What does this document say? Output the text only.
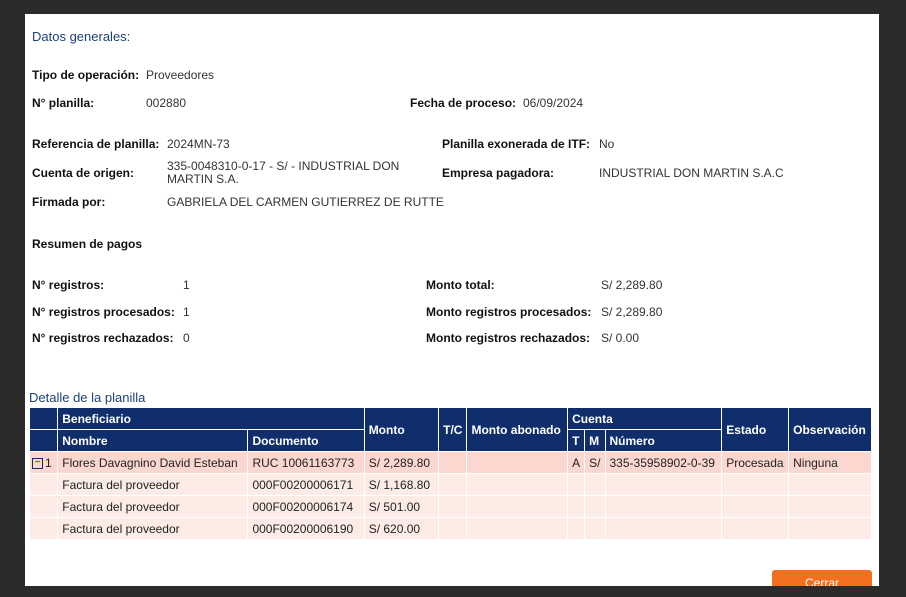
Datos generales:
Tipo de operación: Proveedores
N° planilla:	002880	Fecha de proceso: 06/09/2024
Referencia de planilla: 2024MN-73	Planilla exonerada de ITF: No
Cuenta de origen:	335-0048310-0-17 - S/ - INDUSTRIAL DON MARTIN S.A.	Empresa pagadora:	INDUSTRIAL DON MARTIN S.A.C
Firmada por:	GABRIELA DEL CARMEN GUTIERREZ DE RUTTE
Resumen de pagos
N° registros:	1	Monto total:	S/ 2,289.80
N° registros procesados: 1	Monto registros procesados: S/ 2,289.80
N° registros rechazados: 0	Monto registros rechazados: S/ 0.00
Detalle de la planilla
	Beneficiario		Monto	T/C	Monto abonado	Cuenta			Estado	Observación
	Nombre	Documento				T	M	Número		
− 1	Flores Davagnino David Esteban	RUC 10061163773	S/ 2,289.80			A	S/	335-35958902-0-39	Procesada	Ninguna
	Factura del proveedor	000F00200006171	S/ 1,168.80							
	Factura del proveedor	000F00200006174	S/ 501.00							
	Factura del proveedor	000F00200006190	S/ 620.00							
Cerrar
